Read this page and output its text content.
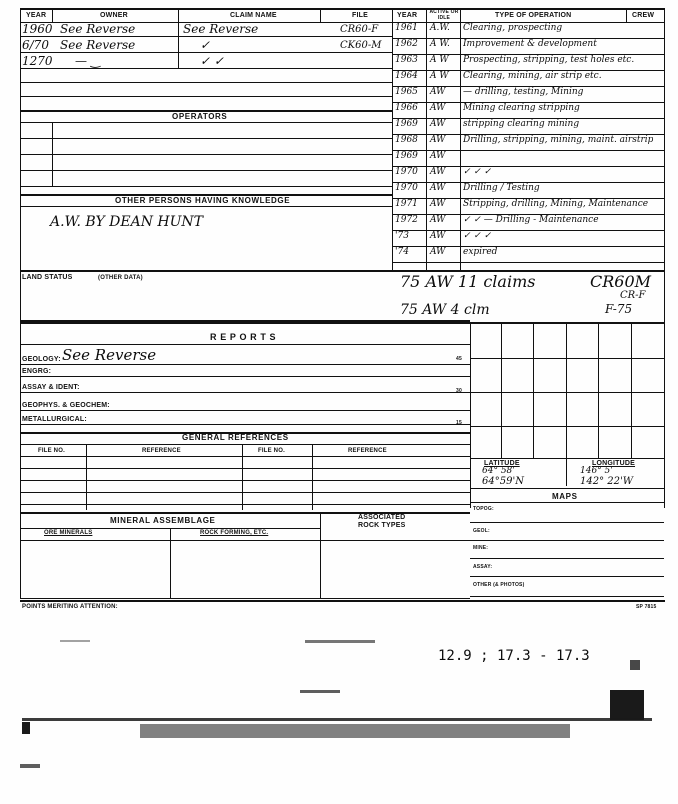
YEAR	OWNER	CLAIM NAME	FILE	YEAR ACTIVE OR IDLE	TYPE OF OPERATION	CREW
1960 See Reverse	See Reverse	CR60-F
6/70 See Reverse	✓	CK60-M
1270 — ‿	✓ ✓
OPERATORS
OTHER PERSONS HAVING KNOWLEDGE
A.W. BY DEAN HUNT
LAND STATUS	(OTHER DATA)	75 AW 11 claims	CR60M
CR-F
75 AW 4 clm	F-75
R E P O R T S
GEOLOGY: See Reverse
ENGRG:
ASSAY & IDENT:
GEOPHYS. & GEOCHEM:
METALLURGICAL:
45
30
15
GENERAL REFERENCES
FILE NO.	REFERENCE	FILE NO.	REFERENCE
LATITUDE
64° 58'
64°59'N
LONGITUDE
146° 5'
142° 22'W
MAPS
TOPOG:
GEOL:
MINE:
ASSAY:
OTHER (& PHOTOS)
MINERAL ASSEMBLAGE	ASSOCIATED
ROCK TYPES
ORE MINERALS	ROCK FORMING, ETC.
POINTS MERITING ATTENTION:	SP 7815
12.9 ; 17.3 - 17.3
1961 A.W. Clearing, prospecting
1962 A W. Improvement & development
1963 A W Prospecting, stripping, test holes etc.
1964 A W Clearing, mining, air strip etc.
1965 AW — drilling, testing, Mining
1966 AW Mining clearing stripping
1969 AW stripping clearing mining
1968 AW Drilling, stripping, mining, maint. airstrip
1969 AW
1970 AW ✓ ✓ ✓
1970 AW Drilling / Testing
1971 AW Stripping, drilling, Mining, Maintenance
1972 AW ✓ ✓ — Drilling - Maintenance
'73 AW ✓ ✓ ✓
'74 AW expired
